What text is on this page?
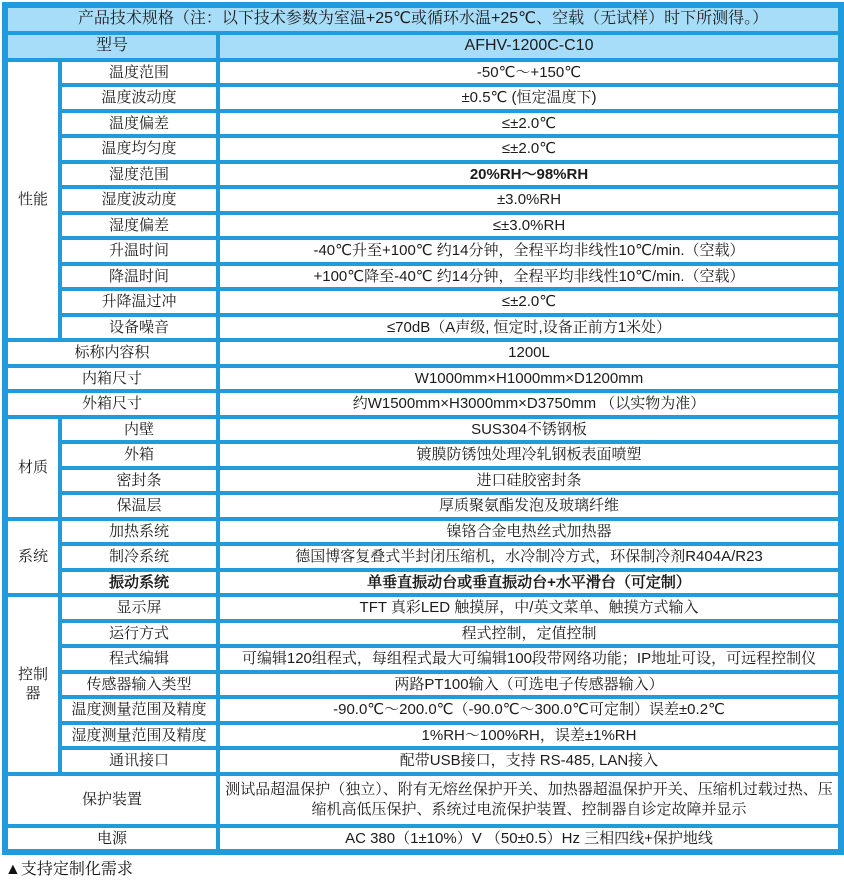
产品技术规格（注：以下技术参数为室温+25℃或循环水温+25℃、空载（无试样）时下所测得。）		
型号		AFHV-1200C-C10
性能	温度范围	-50℃～+150℃
	温度波动度	±0.5℃ (恒定温度下)
	温度偏差	≤±2.0℃
	温度均匀度	≤±2.0℃
	湿度范围	20%RH～98%RH
	湿度波动度	±3.0%RH
	湿度偏差	≤±3.0%RH
	升温时间	-40℃升至+100℃ 约14分钟，全程平均非线性10℃/min.（空载）
	降温时间	+100℃降至-40℃ 约14分钟，全程平均非线性10℃/min.（空载）
	升降温过冲	≤±2.0℃
	设备噪音	≤70dB（A声级, 恒定时,设备正前方1米处）
标称内容积		1200L
内箱尺寸		W1000mm×H1000mm×D1200mm
外箱尺寸		约W1500mm×H3000mm×D3750mm （以实物为准）
材质	内壁	SUS304不锈钢板
	外箱	镀膜防锈蚀处理冷轧钢板表面喷塑
	密封条	进口硅胶密封条
	保温层	厚质聚氨酯发泡及玻璃纤维
系统	加热系统	镍铬合金电热丝式加热器
	制冷系统	德国博客复叠式半封闭压缩机，水冷制冷方式，环保制冷剂R404A/R23
	振动系统	单垂直振动台或垂直振动台+水平滑台（可定制）
控制器	显示屏	TFT 真彩LED 触摸屏，中/英文菜单、触摸方式输入
	运行方式	程式控制，定值控制
	程式编辑	可编辑120组程式，每组程式最大可编辑100段带网络功能；IP地址可设，可远程控制仪
	传感器输入类型	两路PT100输入（可选电子传感器输入）
	温度测量范围及精度	-90.0℃～200.0℃（-90.0℃～300.0℃可定制）误差±0.2℃
	湿度测量范围及精度	1%RH～100%RH，误差±1%RH
	通讯接口	配带USB接口，支持 RS-485, LAN接入
保护装置		测试品超温保护（独立）、附有无熔丝保护开关、加热器超温保护开关、压缩机过载过热、压缩机高低压保护、系统过电流保护装置、控制器自诊定故障并显示
电源		AC 380（1±10%）V （50±0.5）Hz 三相四线+保护地线
▲支持定制化需求
